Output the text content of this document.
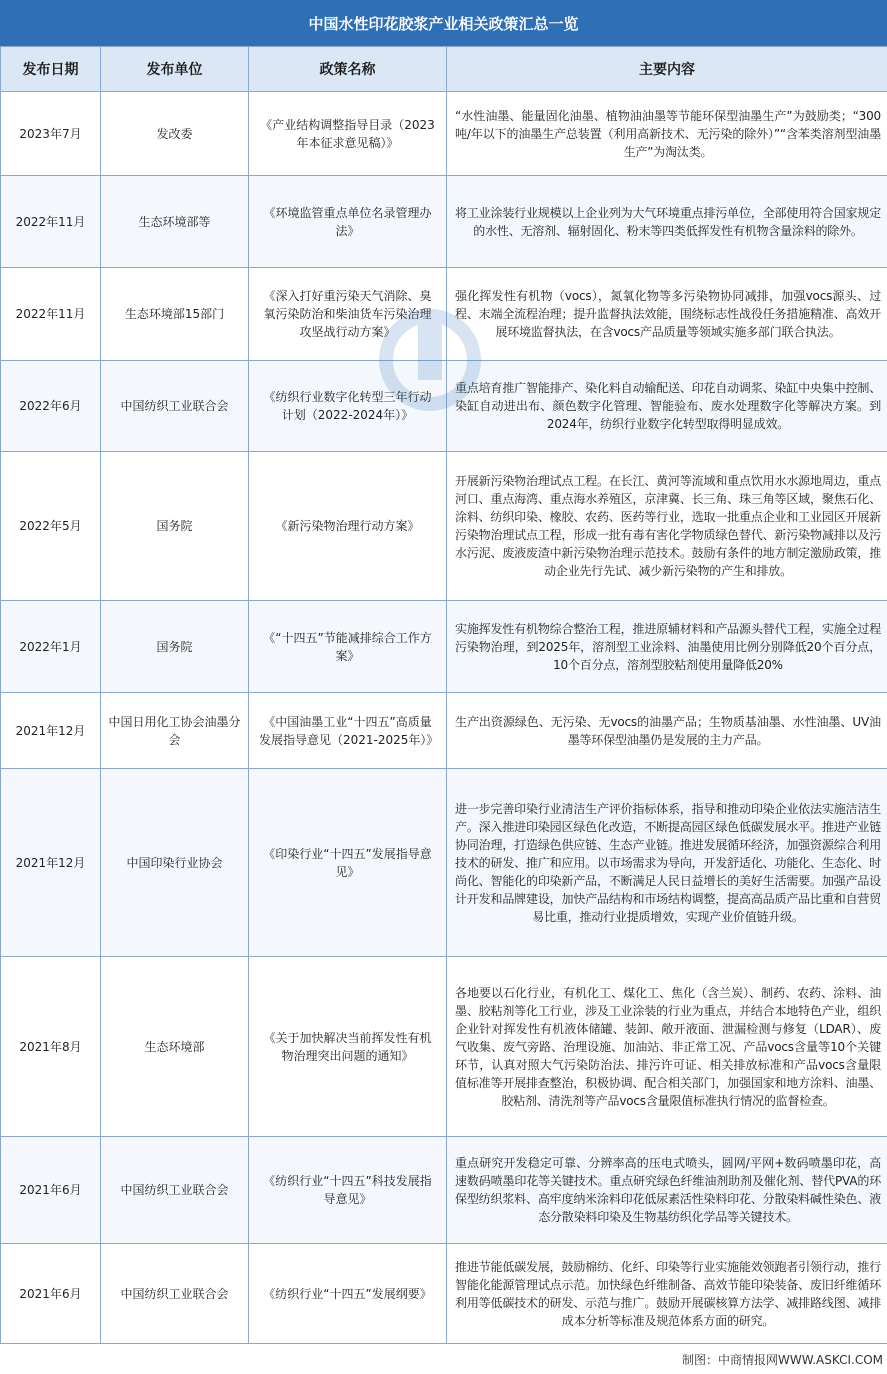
中国水性印花胶浆产业相关政策汇总一览
发布日期	发布单位	政策名称	主要内容
2023年7月	发改委	《产业结构调整指导目录（2023年本征求意见稿）》	“水性油墨、能量固化油墨、植物油油墨等节能环保型油墨生产”为鼓励类；“300吨/年以下的油墨生产总装置（利用高新技术、无污染的除外）”“含苯类溶剂型油墨生产”为淘汰类。
2022年11月	生态环境部等	《环境监管重点单位名录管理办法》	将工业涂装行业规模以上企业列为大气环境重点排污单位，全部使用符合国家规定的水性、无溶剂、辐射固化、粉末等四类低挥发性有机物含量涂料的除外。
2022年11月	生态环境部15部门	《深入打好重污染天气消除、臭氧污染防治和柴油货车污染治理攻坚战行动方案》	强化挥发性有机物（vocs），氮氧化物等多污染物协同减排，加强vocs源头、过程、末端全流程治理；提升监督执法效能，围绕标志性战役任务措施精准、高效开展环境监督执法，在含vocs产品质量等领域实施多部门联合执法。
2022年6月	中国纺织工业联合会	《纺织行业数字化转型三年行动计划（2022-2024年）》	重点培育推广智能排产、染化料自动输配送、印花自动调浆、染缸中央集中控制、染缸自动进出布、颜色数字化管理、智能验布、废水处理数字化等解决方案。到2024年，纺织行业数字化转型取得明显成效。
2022年5月	国务院	《新污染物治理行动方案》	开展新污染物治理试点工程。在长江、黄河等流域和重点饮用水水源地周边，重点河口、重点海湾、重点海水养殖区，京津冀、长三角、珠三角等区域，聚焦石化、涂料、纺织印染、橡胶、农药、医药等行业，选取一批重点企业和工业园区开展新污染物治理试点工程，形成一批有毒有害化学物质绿色替代、新污染物减排以及污水污泥、废液废渣中新污染物治理示范技术。鼓励有条件的地方制定激励政策，推动企业先行先试、减少新污染物的产生和排放。
2022年1月	国务院	《“十四五”节能减排综合工作方案》	实施挥发性有机物综合整治工程，推进原辅材料和产品源头替代工程，实施全过程污染物治理，到2025年，溶剂型工业涂料、油墨使用比例分别降低20个百分点，10个百分点，溶剂型胶粘剂使用量降低20%
2021年12月	中国日用化工协会油墨分会	《中国油墨工业“十四五”高质量发展指导意见（2021-2025年）》	生产出资源绿色、无污染、无vocs的油墨产品；生物质基油墨、水性油墨、UV油墨等环保型油墨仍是发展的主力产品。
2021年12月	中国印染行业协会	《印染行业“十四五”发展指导意见》	进一步完善印染行业清洁生产评价指标体系，指导和推动印染企业依法实施洁洁生产。深入推进印染园区绿色化改造，不断提高园区绿色低碳发展水平。推进产业链协同治理，打造绿色供应链、生态产业链。推进发展循环经济，加强资源综合利用技术的研发、推广和应用。以市场需求为导向，开发舒适化、功能化、生态化、时尚化、智能化的印染新产品，不断满足人民日益增长的美好生活需要。加强产品设计开发和品牌建设，加快产品结构和市场结构调整，提高高品质产品比重和自营贸易比重，推动行业提质增效，实现产业价值链升级。
2021年8月	生态环境部	《关于加快解决当前挥发性有机物治理突出问题的通知》	各地要以石化行业，有机化工、煤化工、焦化（含兰炭）、制药、农药、涂料、油墨、胶粘剂等化工行业，涉及工业涂装的行业为重点，并结合本地特色产业，组织企业针对挥发性有机液体储罐、装卸、敞开液面、泄漏检测与修复（LDAR）、废气收集、废气旁路、治理设施、加油站、非正常工况、产品vocs含量等10个关键环节，认真对照大气污染防治法、排污许可证、相关排放标准和产品vocs含量限值标准等开展排查整治，积极协调、配合相关部门，加强国家和地方涂料、油墨、胶粘剂、清洗剂等产品vocs含量限值标准执行情况的监督检查。
2021年6月	中国纺织工业联合会	《纺织行业“十四五”科技发展指导意见》	重点研究开发稳定可靠、分辨率高的压电式喷头，圆网/平网+数码喷墨印花，高速数码喷墨印花等关键技术。重点研究绿色纤维油剂助剂及催化剂、替代PVA的环保型纺织浆料、高牢度纳米涂料印花低尿素活性染料印花、分散染料碱性染色、液态分散染料印染及生物基纺织化学品等关键技术。
2021年6月	中国纺织工业联合会	《纺织行业“十四五”发展纲要》	推进节能低碳发展，鼓励棉纺、化纤、印染等行业实施能效领跑者引领行动，推行智能化能源管理试点示范。加快绿色纤维制备、高效节能印染装备、废旧纤维循环利用等低碳技术的研发、示范与推广。鼓励开展碳核算方法学、减排路线图、减排成本分析等标准及规范体系方面的研究。
制图：中商情报网WWW.ASKCI.COM
